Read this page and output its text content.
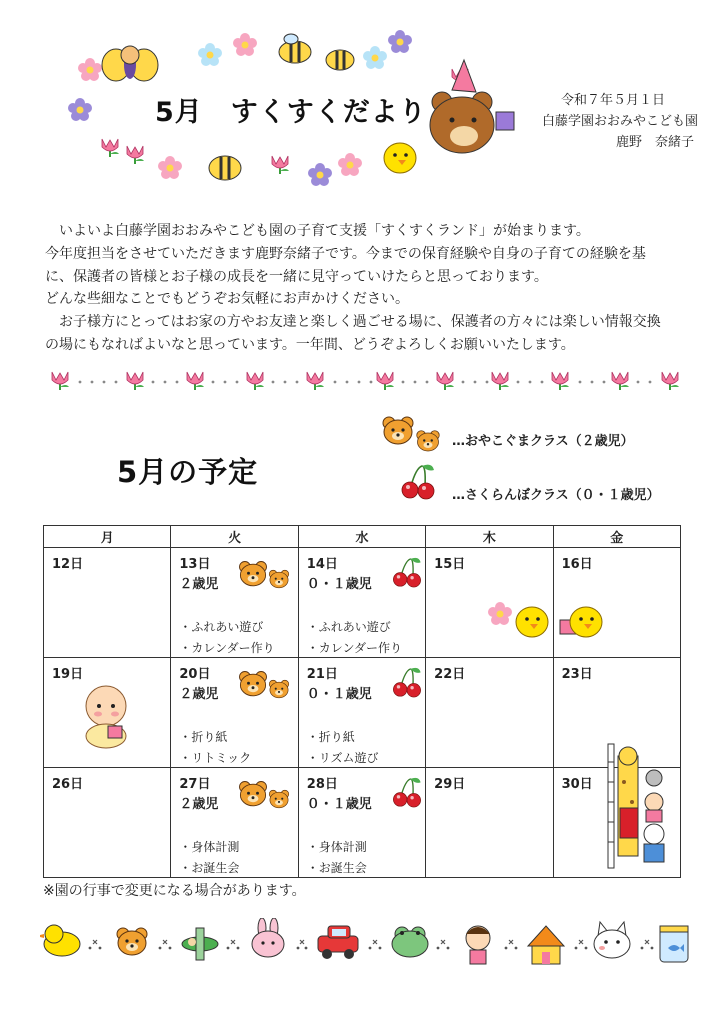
5月　すくすくだより	令和７年５月１日
白藤学園おおみやこども園
鹿野　奈緒子

　いよいよ白藤学園おおみやこども園の子育て支援「すくすくランド」が始まります。

今年度担当をさせていただきます鹿野奈緒子です。今までの保育経験や自身の子育ての経験を基

に、保護者の皆様とお子様の成長を一緒に見守っていけたらと思っております。

どんな些細なことでもどうぞお気軽にお声かけください。

　お子様方にとってはお家の方やお友達と楽しく過ごせる場に、保護者の方々には楽しい情報交換

の場にもなればよいなと思っています。一年間、どうぞよろしくお願いいたします。

5月の予定
…おやこぐまクラス（２歳児）
…さくらんぼクラス（０・１歳児）
月	火	水	木	金

12日	13日
２歳児
・ふれあい遊び
・カレンダー作り	14日
０・１歳児
・ふれあい遊び
・カレンダー作り	15日	16日

19日	20日
２歳児
・折り紙
・リトミック	21日
０・１歳児
・折り紙
・リズム遊び	22日	23日

26日	27日
２歳児
・身体計測
・お誕生会	28日
０・１歳児
・身体計測
・お誕生会	29日	30日
※園の行事で変更になる場合があります。
